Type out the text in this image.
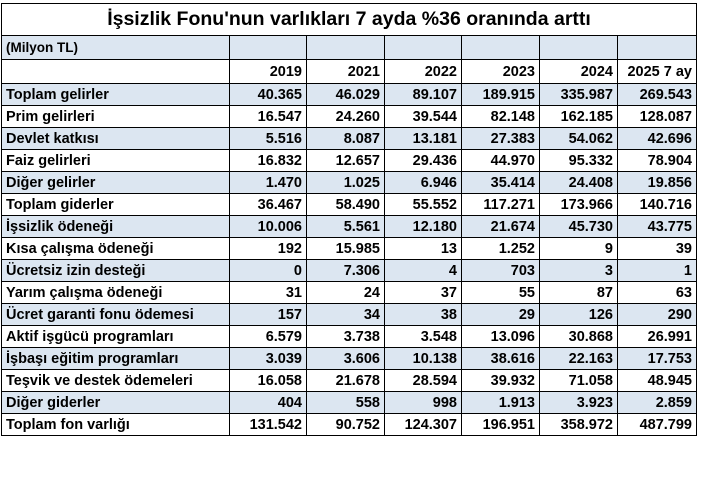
İşsizlik Fonu'nun varlıkları 7 ayda %36 oranında arttı						
(Milyon TL)						
	2019	2021	2022	2023	2024	2025 7 ay
Toplam gelirler	40.365	46.029	89.107	189.915	335.987	269.543
Prim gelirleri	16.547	24.260	39.544	82.148	162.185	128.087
Devlet katkısı	5.516	8.087	13.181	27.383	54.062	42.696
Faiz gelirleri	16.832	12.657	29.436	44.970	95.332	78.904
Diğer gelirler	1.470	1.025	6.946	35.414	24.408	19.856
Toplam giderler	36.467	58.490	55.552	117.271	173.966	140.716
İşsizlik ödeneği	10.006	5.561	12.180	21.674	45.730	43.775
Kısa çalışma ödeneği	192	15.985	13	1.252	9	39
Ücretsiz izin desteği	0	7.306	4	703	3	1
Yarım çalışma ödeneği	31	24	37	55	87	63
Ücret garanti fonu ödemesi	157	34	38	29	126	290
Aktif işgücü programları	6.579	3.738	3.548	13.096	30.868	26.991
İşbaşı eğitim programları	3.039	3.606	10.138	38.616	22.163	17.753
Teşvik ve destek ödemeleri	16.058	21.678	28.594	39.932	71.058	48.945
Diğer giderler	404	558	998	1.913	3.923	2.859
Toplam fon varlığı	131.542	90.752	124.307	196.951	358.972	487.799
